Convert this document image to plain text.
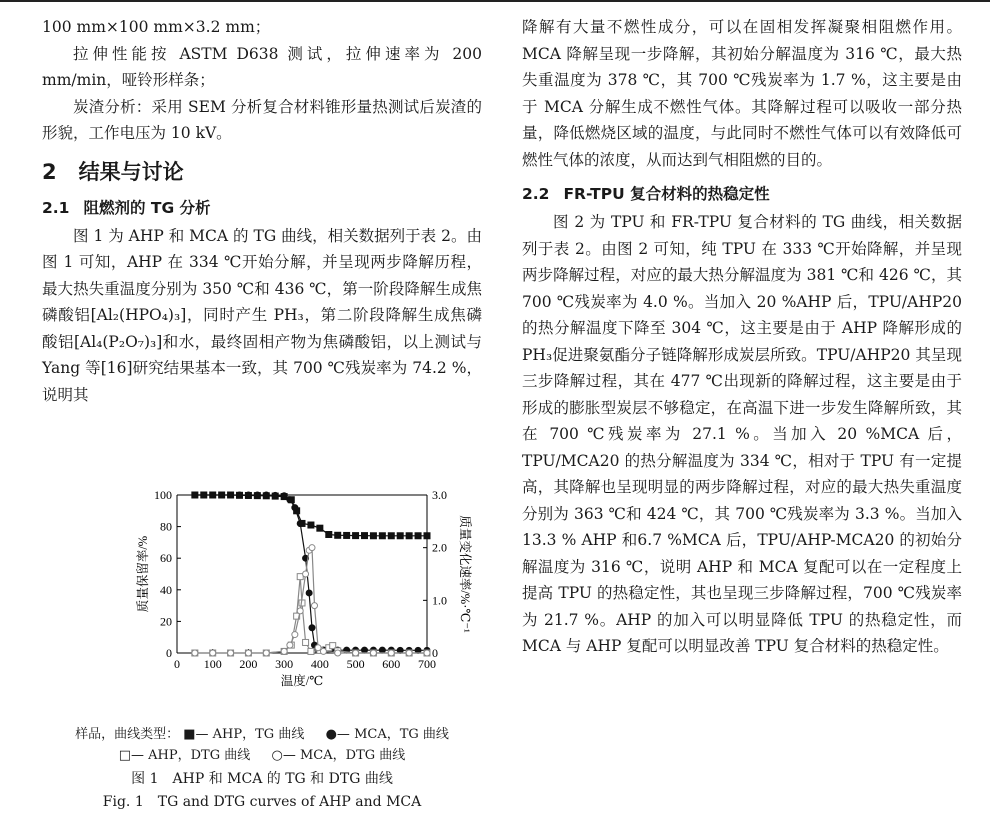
100 mm×100 mm×3.2 mm；

拉伸性能按 ASTM D638 测试，拉伸速率为 200 mm/min，哑铃形样条；

炭渣分析：采用 SEM 分析复合材料锥形量热测试后炭渣的形貌，工作电压为 10 kV。

2 结果与讨论
2.1 阻燃剂的 TG 分析

图 1 为 AHP 和 MCA 的 TG 曲线，相关数据列于表 2。由图 1 可知，AHP 在 334 ℃开始分解，并呈现两步降解历程，最大热失重温度分别为 350 ℃和 436 ℃，第一阶段降解生成焦磷酸铝[Al₂(HPO₄)₃]，同时产生 PH₃，第二阶段降解生成焦磷酸铝[Al₄(P₂O₇)₃]和水，最终固相产物为焦磷酸铝，以上测试与 Yang 等[16]研究结果基本一致，其 700 ℃残炭率为 74.2 %，说明其

0 100 200 300 400 500 600 700
0
20
40
60
80
100
0
1.0
2.0
3.0
温度/℃
质量保留率/%	质量变化速率/%·℃⁻¹
样品，曲线类型： ■— AHP，TG 曲线   ●— MCA，TG 曲线
□— AHP，DTG 曲线   ○— MCA，DTG 曲线
图 1　AHP 和 MCA 的 TG 和 DTG 曲线
Fig. 1　TG and DTG curves of AHP and MCA

降解有大量不燃性成分，可以在固相发挥凝聚相阻燃作用。MCA 降解呈现一步降解，其初始分解温度为 316 ℃，最大热失重温度为 378 ℃，其 700 ℃残炭率为 1.7 %，这主要是由于 MCA 分解生成不燃性气体。其降解过程可以吸收一部分热量，降低燃烧区域的温度，与此同时不燃性气体可以有效降低可燃性气体的浓度，从而达到气相阻燃的目的。

2.2 FR-TPU 复合材料的热稳定性

图 2 为 TPU 和 FR-TPU 复合材料的 TG 曲线，相关数据列于表 2。由图 2 可知，纯 TPU 在 333 ℃开始降解，并呈现两步降解过程，对应的最大热分解温度为 381 ℃和 426 ℃，其 700 ℃残炭率为 4.0 %。当加入 20 %AHP 后，TPU/AHP20 的热分解温度下降至 304 ℃，这主要是由于 AHP 降解形成的 PH₃促进聚氨酯分子链降解形成炭层所致。TPU/AHP20 其呈现三步降解过程，其在 477 ℃出现新的降解过程，这主要是由于形成的膨胀型炭层不够稳定，在高温下进一步发生降解所致，其在 700 ℃残炭率为 27.1 %。当加入 20 %MCA 后，TPU/MCA20 的热分解温度为 334 ℃，相对于 TPU 有一定提高，其降解也呈现明显的两步降解过程，对应的最大热失重温度分别为 363 ℃和 424 ℃，其 700 ℃残炭率为 3.3 %。当加入 13.3 % AHP 和6.7 %MCA 后，TPU/AHP-MCA20 的初始分解温度为 316 ℃，说明 AHP 和 MCA 复配可以在一定程度上提高 TPU 的热稳定性，其也呈现三步降解过程，700 ℃残炭率为 21.7 %。AHP 的加入可以明显降低 TPU 的热稳定性，而 MCA 与 AHP 复配可以明显改善 TPU 复合材料的热稳定性。
